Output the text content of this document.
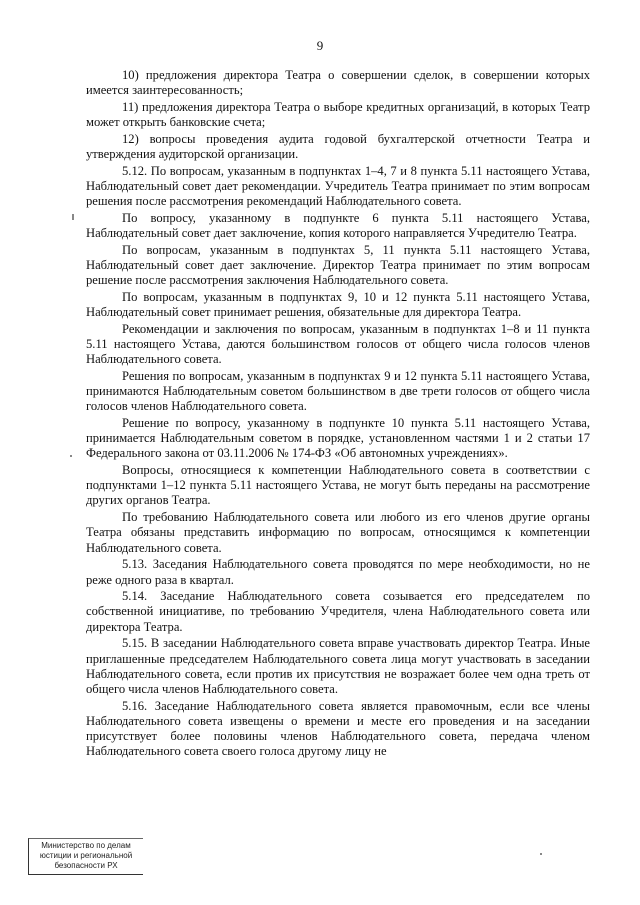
9

10) предложения директора Театра о совершении сделок, в совершении которых имеется заинтересованность;

11) предложения директора Театра о выборе кредитных организаций, в которых Театр может открыть банковские счета;

12) вопросы проведения аудита годовой бухгалтерской отчетности Театра и утверждения аудиторской организации.

5.12. По вопросам, указанным в подпунктах 1–4, 7 и 8 пункта 5.11 настоящего Устава, Наблюдательный совет дает рекомендации. Учредитель Театра принимает по этим вопросам решения после рассмотрения рекомендаций Наблюдательного совета.

По вопросу, указанному в подпункте 6 пункта 5.11 настоящего Устава, Наблюдательный совет дает заключение, копия которого направляется Учредителю Театра.

По вопросам, указанным в подпунктах 5, 11 пункта 5.11 настоящего Устава, Наблюдательный совет дает заключение. Директор Театра принимает по этим вопросам решение после рассмотрения заключения Наблюдательного совета.

По вопросам, указанным в подпунктах 9, 10 и 12 пункта 5.11 настоящего Устава, Наблюдательный совет принимает решения, обязательные для директора Театра.

Рекомендации и заключения по вопросам, указанным в подпунктах 1–8 и 11 пункта 5.11 настоящего Устава, даются большинством голосов от общего числа голосов членов Наблюдательного совета.

Решения по вопросам, указанным в подпунктах 9 и 12 пункта 5.11 настоящего Устава, принимаются Наблюдательным советом большинством в две трети голосов от общего числа голосов членов Наблюдательного совета.

Решение по вопросу, указанному в подпункте 10 пункта 5.11 настоящего Устава, принимается Наблюдательным советом в порядке, установленном частями 1 и 2 статьи 17 Федерального закона от 03.11.2006 № 174-ФЗ «Об автономных учреждениях».

Вопросы, относящиеся к компетенции Наблюдательного совета в соответствии с подпунктами 1–12 пункта 5.11 настоящего Устава, не могут быть переданы на рассмотрение других органов Театра.

По требованию Наблюдательного совета или любого из его членов другие органы Театра обязаны представить информацию по вопросам, относящимся к компетенции Наблюдательного совета.

5.13. Заседания Наблюдательного совета проводятся по мере необходимости, но не реже одного раза в квартал.

5.14. Заседание Наблюдательного совета созывается его председателем по собственной инициативе, по требованию Учредителя, члена Наблюдательного совета или директора Театра.

5.15. В заседании Наблюдательного совета вправе участвовать директор Театра. Иные приглашенные председателем Наблюдательного совета лица могут участвовать в заседании Наблюдательного совета, если против их присутствия не возражает более чем одна треть от общего числа членов Наблюдательного совета.

5.16. Заседание Наблюдательного совета является правомочным, если все члены Наблюдательного совета извещены о времени и месте его проведения и на заседании присутствует более половины членов Наблюдательного совета, передача членом Наблюдательного совета своего голоса другому лицу не

Министерство по делам
юстиции и региональной
безопасности РХ
